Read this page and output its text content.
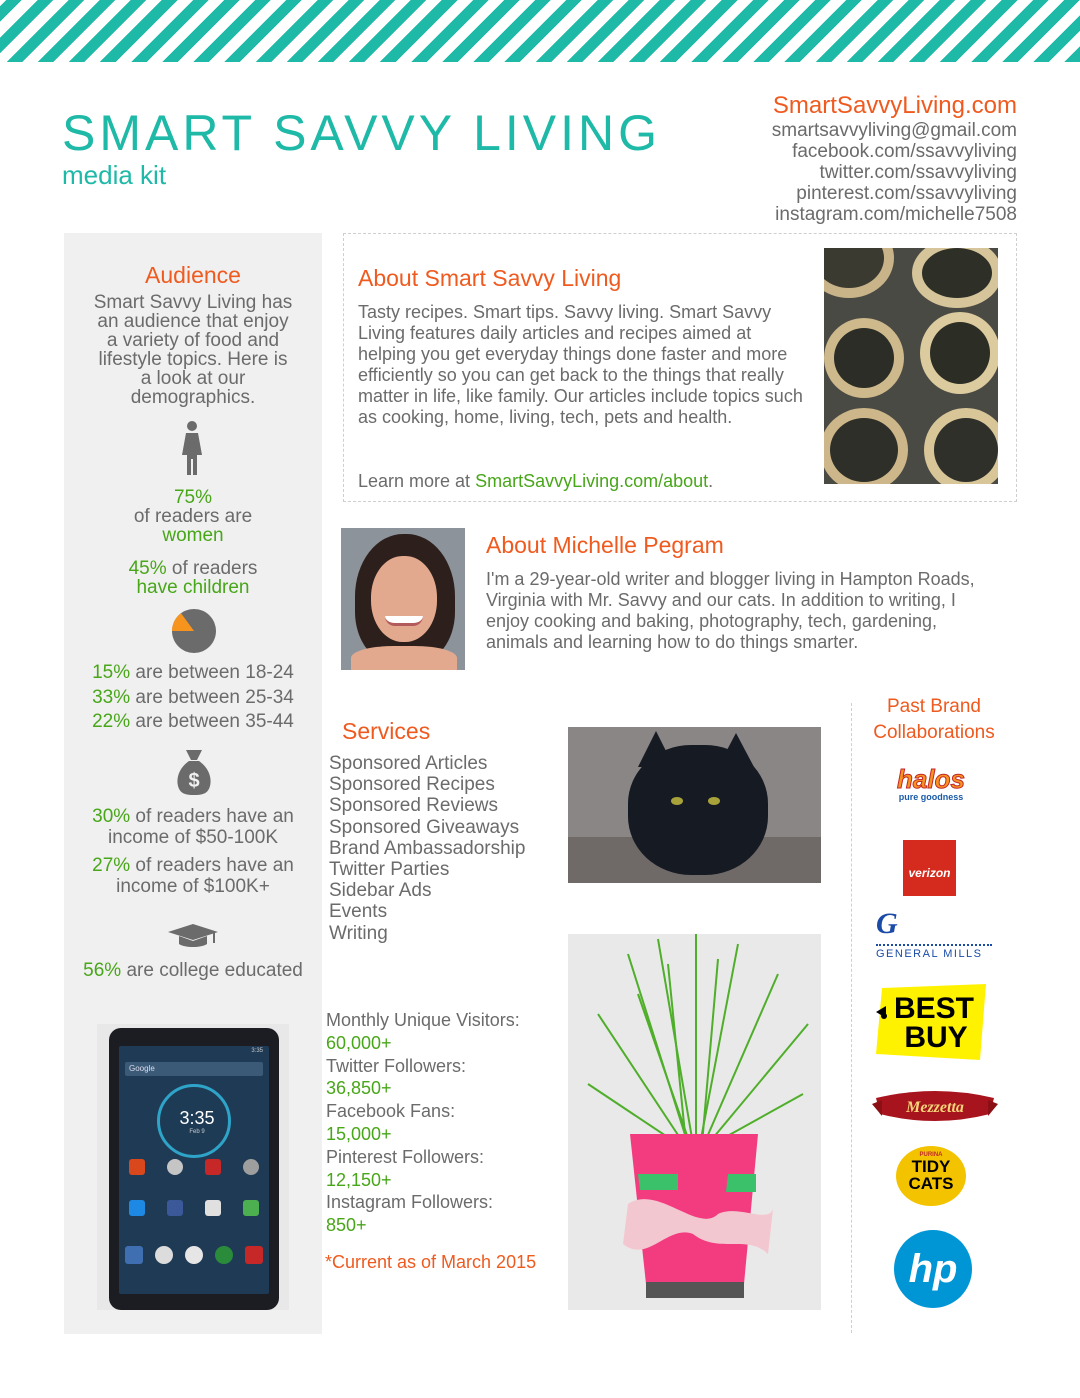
SMART SAVVY LIVING
media kit
SmartSavvyLiving.com
smartsavvyliving@gmail.com
facebook.com/ssavvyliving
twitter.com/ssavvyliving
pinterest.com/ssavvyliving
instagram.com/michelle7508
Audience
Smart Savvy Living has
an audience that enjoy
a variety of food and
lifestyle topics. Here is
a look at our
demographics.
75%
of readers are
women
45% of readers
have children
15% are between 18-24
33% are between 25-34
22% are between 35-44
$
30% of readers have an
income of $50-100K
27% of readers have an
income of $100K+
56% are college educated
3:35
Google
3:35
Feb 9
About Smart Savvy Living
Tasty recipes. Smart tips. Savvy living. Smart Savvy Living features daily articles and recipes aimed at helping you get everyday things done faster and more efficiently so you can get back to the things that really matter in life, like family. Our articles include topics such as cooking, home, living, tech, pets and health.
Learn more at SmartSavvyLiving.com/about.
About Michelle Pegram
I'm a 29-year-old writer and blogger living in Hampton Roads, Virginia with Mr. Savvy and our cats. In addition to writing, I enjoy cooking and baking, photography, tech, gardening, animals and learning how to do things smarter.
Services
Sponsored Articles
Sponsored Recipes
Sponsored Reviews
Sponsored Giveaways
Brand Ambassadorship
Twitter Parties
Sidebar Ads
Events
Writing
Monthly Unique Visitors:
60,000+
Twitter Followers:
36,850+
Facebook Fans:
15,000+
Pinterest Followers:
12,150+
Instagram Followers:
850+
*Current as of March 2015
Past Brand
Collaborations
halos
pure goodness
verizon
G
GENERAL MILLS
BEST
BUY
Mezzetta
PURINA
TIDY
CATS
hp
